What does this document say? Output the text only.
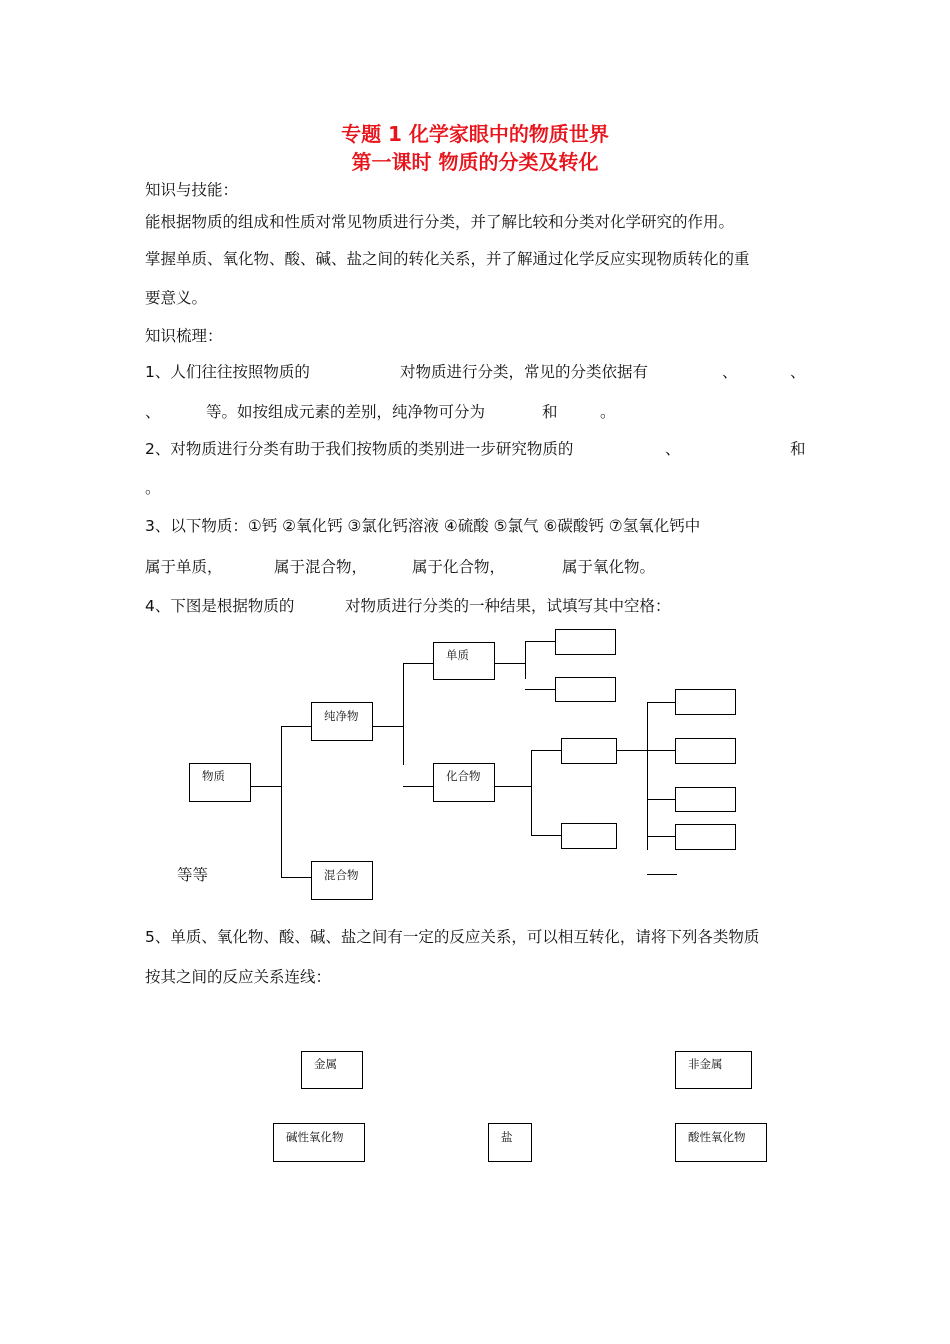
专题 1 化学家眼中的物质世界
第一课时 物质的分类及转化
知识与技能：
能根据物质的组成和性质对常见物质进行分类，并了解比较和分类对化学研究的作用。
掌握单质、氧化物、酸、碱、盐之间的转化关系，并了解通过化学反应实现物质转化的重
要意义。
知识梳理：
1、人们往往按照物质的	对物质进行分类，常见的分类依据有	、	、
、	等。如按组成元素的差别，纯净物可分为	和	。
2、对物质进行分类有助于我们按物质的类别进一步研究物质的	、	和
。
3、以下物质：①钙 ②氧化钙 ③氯化钙溶液 ④硫酸 ⑤氯气 ⑥碳酸钙 ⑦氢氧化钙中
属于单质，	属于混合物，	属于化合物，	属于氧化物。
4、下图是根据物质的	对物质进行分类的一种结果，试填写其中空格：
物质
纯净物
混合物
单质
化合物
等等
5、单质、氧化物、酸、碱、盐之间有一定的反应关系，可以相互转化，请将下列各类物质
按其之间的反应关系连线：
金属	非金属
碱性氧化物	盐	酸性氧化物
